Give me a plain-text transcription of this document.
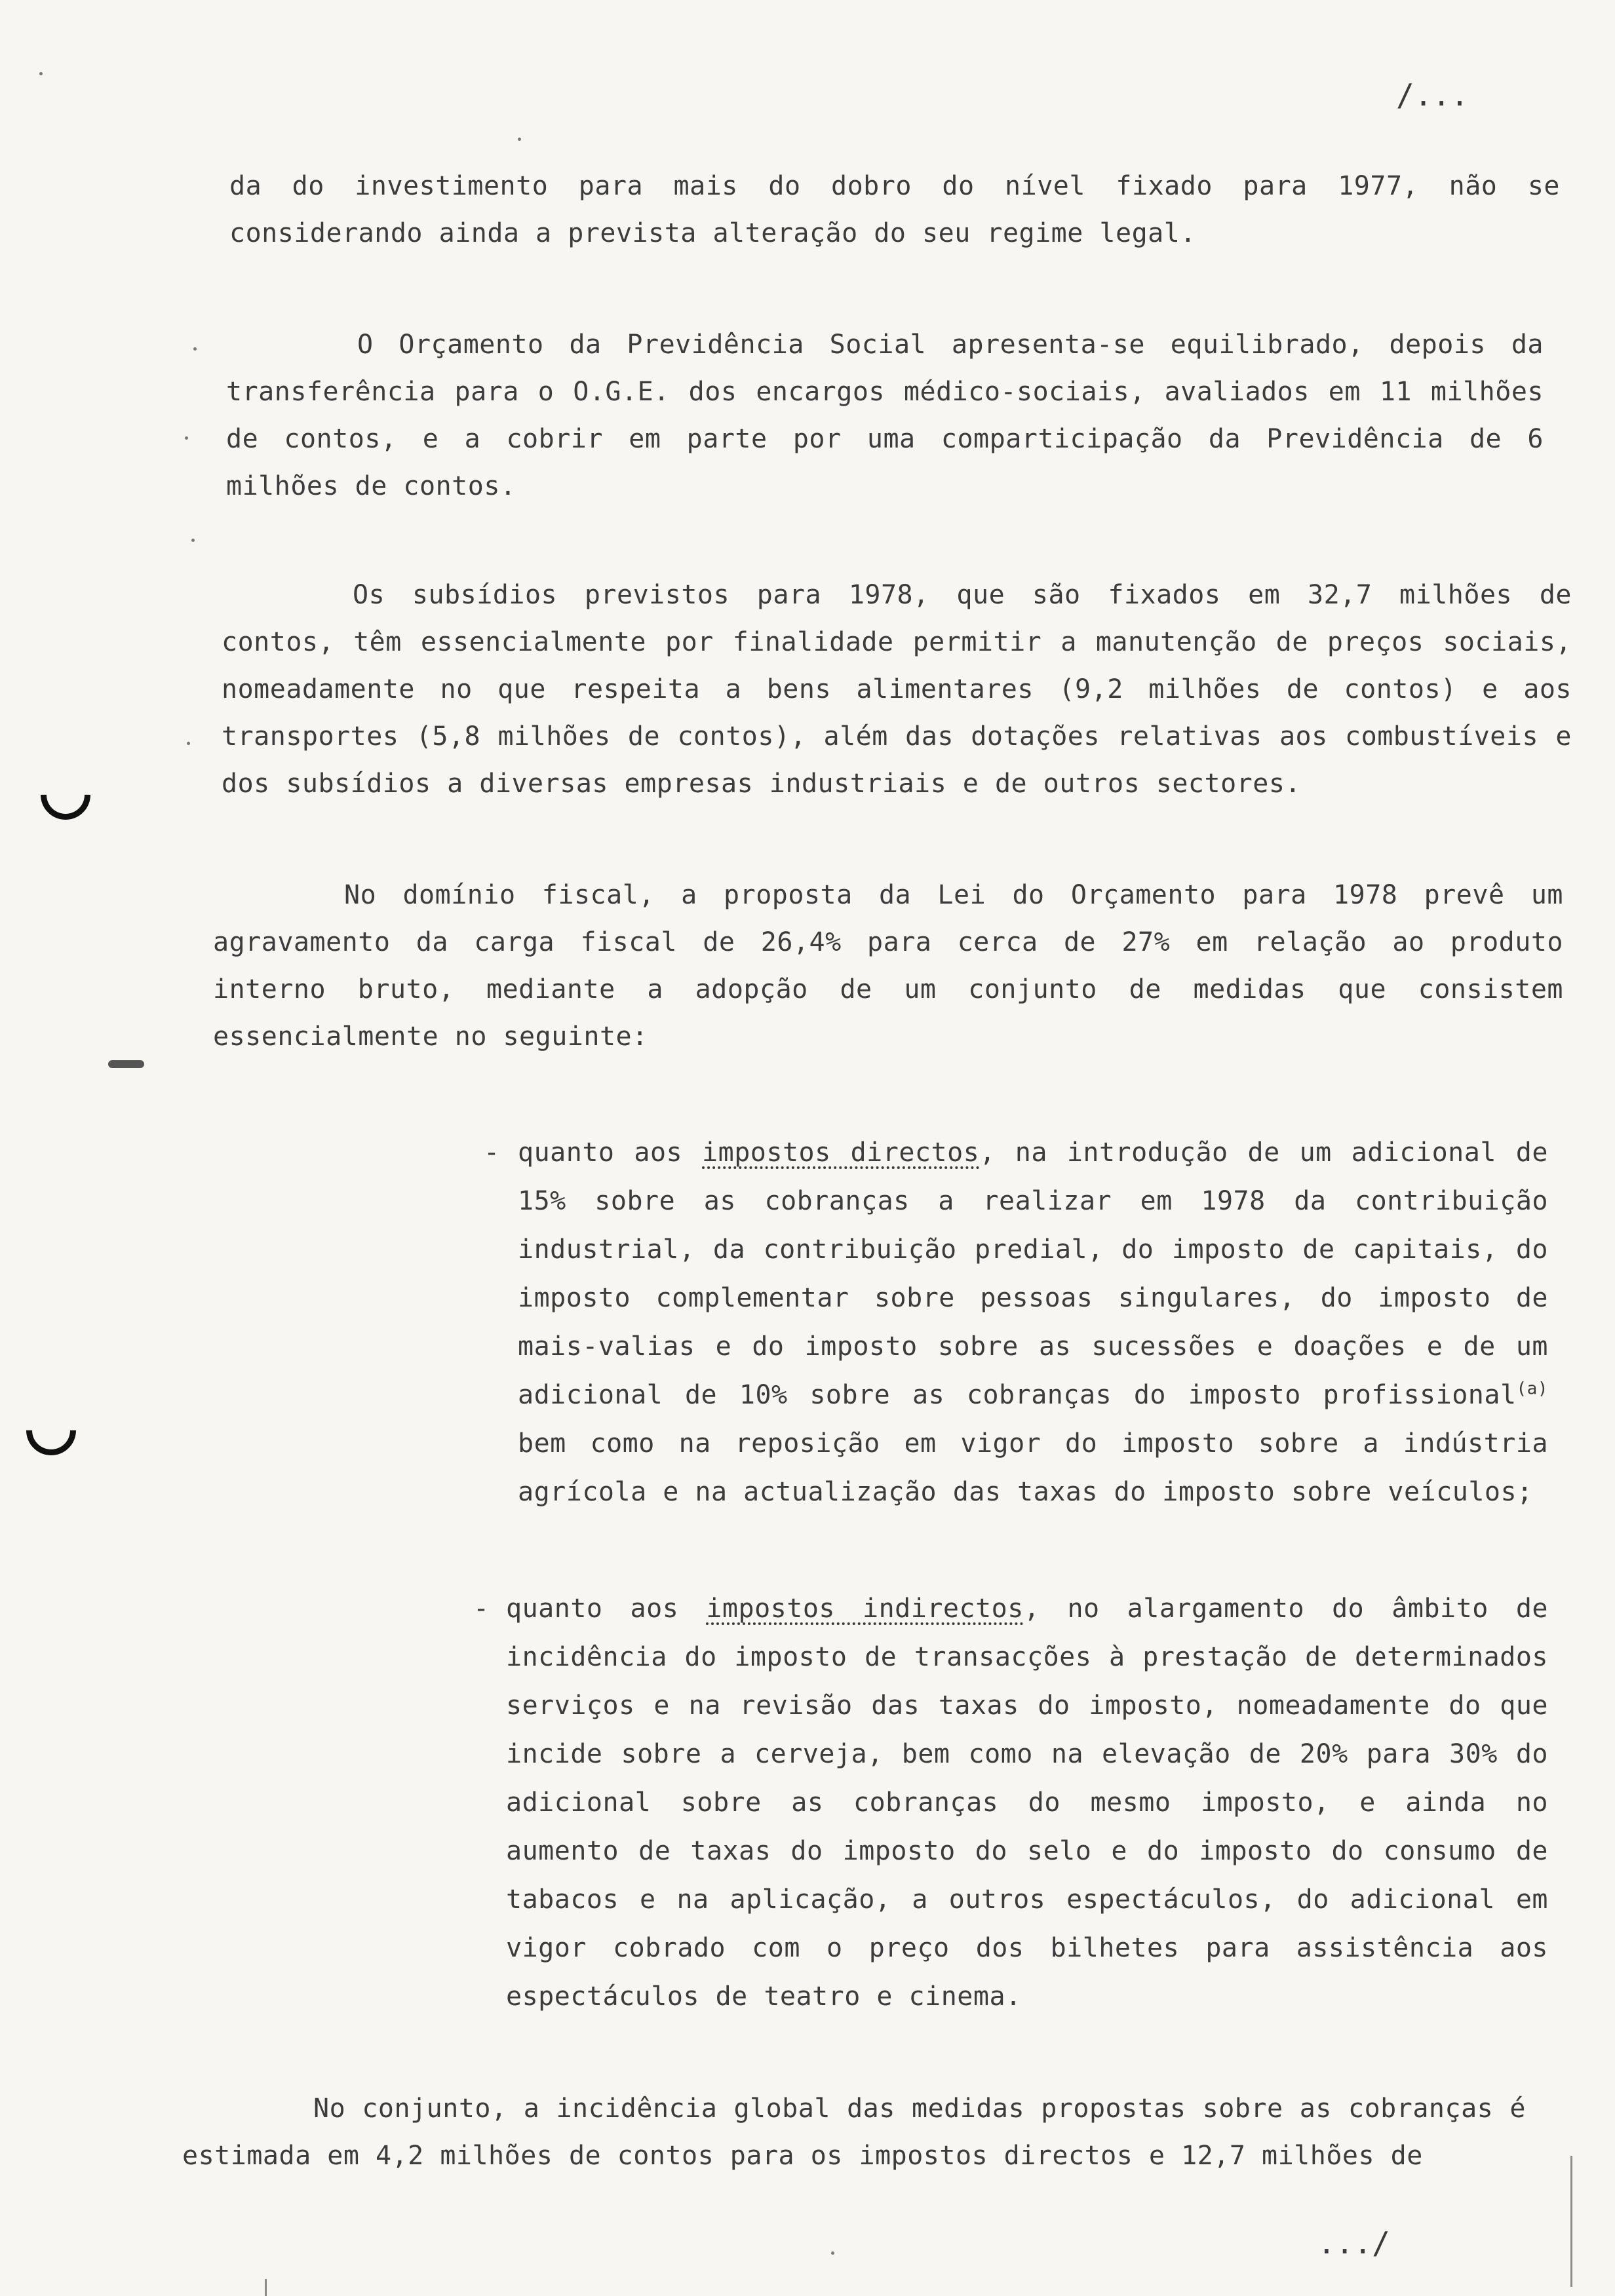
/...

da do investimento para mais do dobro do nível fixado para 1977, não se considerando ainda a prevista alteração do seu regime legal.

O Orçamento da Previdência Social apresenta-se equilibrado, depois da transferência para o O.G.E. dos encargos médico-sociais, avaliados em 11 milhões de contos, e a cobrir em parte por uma comparticipação da Previdência de 6 milhões de contos.

Os subsídios previstos para 1978, que são fixados em 32,7 milhões de contos, têm essencialmente por finalidade permitir a manutenção de preços sociais, nomeadamente no que respeita a bens alimentares (9,2 milhões de contos) e aos transportes (5,8 milhões de contos), além das dotações relativas aos combustíveis e dos subsídios a diversas empresas industriais e de outros sectores.

No domínio fiscal, a proposta da Lei do Orçamento para 1978 prevê um agravamento da carga fiscal de 26,4% para cerca de 27% em relação ao produto interno bruto, mediante a adopção de um conjunto de medidas que consistem essencialmente no seguinte:

- quanto aos impostos directos, na introdução de um adicional de 15% sobre as cobranças a realizar em 1978 da contribuição industrial, da contribuição predial, do imposto de capitais, do imposto complementar sobre pessoas singulares, do imposto de mais-valias e do imposto sobre as sucessões e doações e de um adicional de 10% sobre as cobranças do imposto profissional$^{(a)}$ bem como na reposição em vigor do imposto sobre a indústria agrícola e na actualização das taxas do imposto sobre veículos;

- quanto aos impostos indirectos, no alargamento do âmbito de incidência do imposto de transacções à prestação de determinados serviços e na revisão das taxas do imposto, nomeadamente do que incide sobre a cerveja, bem como na elevação de 20% para 30% do adicional sobre as cobranças do mesmo imposto, e ainda no aumento de taxas do imposto do selo e do imposto do consumo de tabacos e na aplicação, a outros espectáculos, do adicional em vigor cobrado com o preço dos bilhetes para assistência aos espectáculos de teatro e cinema.

No conjunto, a incidência global das medidas propostas sobre as cobranças é estimada em 4,2 milhões de contos para os impostos directos e 12,7 milhões de

.../
